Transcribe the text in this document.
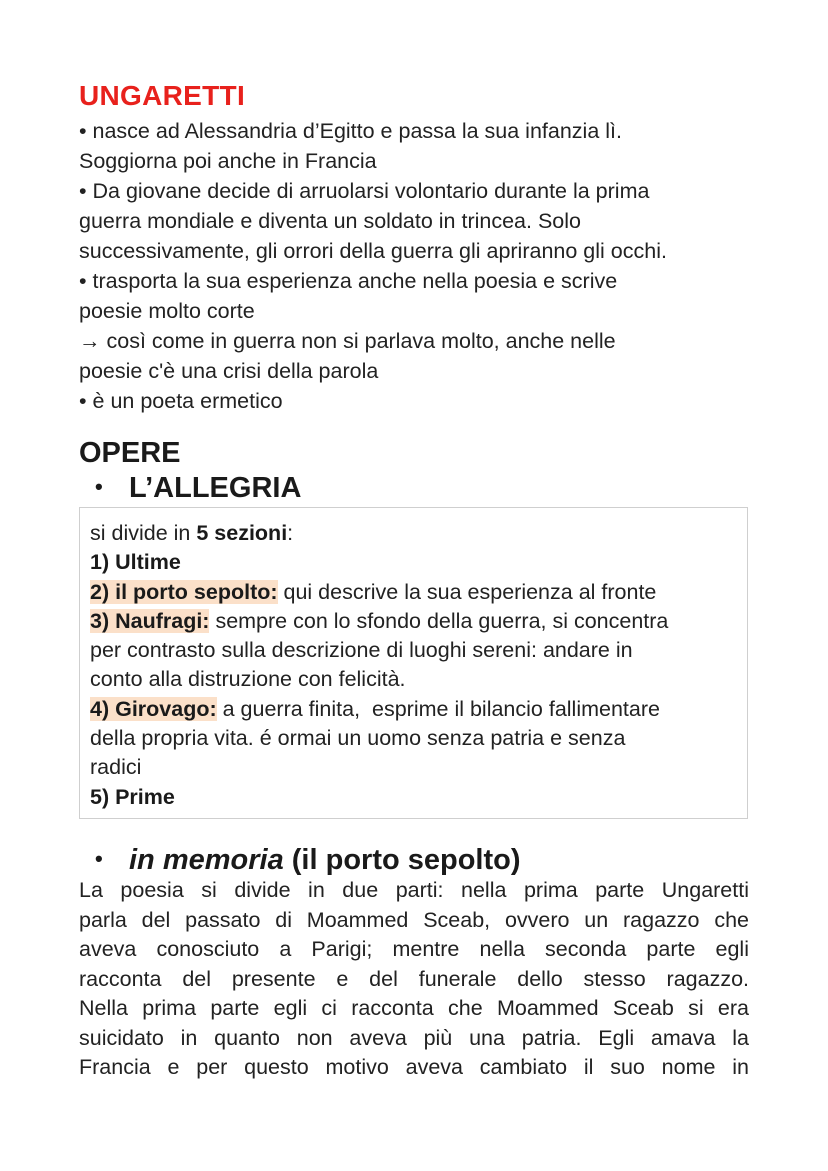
UNGARETTI
• nasce ad Alessandria d’Egitto e passa la sua infanzia lì.
Soggiorna poi anche in Francia
• Da giovane decide di arruolarsi volontario durante la prima
guerra mondiale e diventa un soldato in trincea. Solo
successivamente, gli orrori della guerra gli apriranno gli occhi.
• trasporta la sua esperienza anche nella poesia e scrive
poesie molto corte
→ così come in guerra non si parlava molto, anche nelle
poesie c'è una crisi della parola
• è un poeta ermetico
OPERE
• L’ALLEGRIA
si divide in 5 sezioni:
1) Ultime
2) il porto sepolto: qui descrive la sua esperienza al fronte
3) Naufragi: sempre con lo sfondo della guerra, si concentra
per contrasto sulla descrizione di luoghi sereni: andare in
conto alla distruzione con felicità.
4) Girovago: a guerra finita,  esprime il bilancio fallimentare
della propria vita. é ormai un uomo senza patria e senza
radici
5) Prime
• in memoria (il porto sepolto)
La poesia si divide in due parti: nella prima parte Ungaretti
parla del passato di Moammed Sceab, ovvero un ragazzo che
aveva conosciuto a Parigi; mentre nella seconda parte egli
racconta del presente e del funerale dello stesso ragazzo.
Nella prima parte egli ci racconta che Moammed Sceab si era
suicidato in quanto non aveva più una patria. Egli amava la
Francia e per questo motivo aveva cambiato il suo nome in
